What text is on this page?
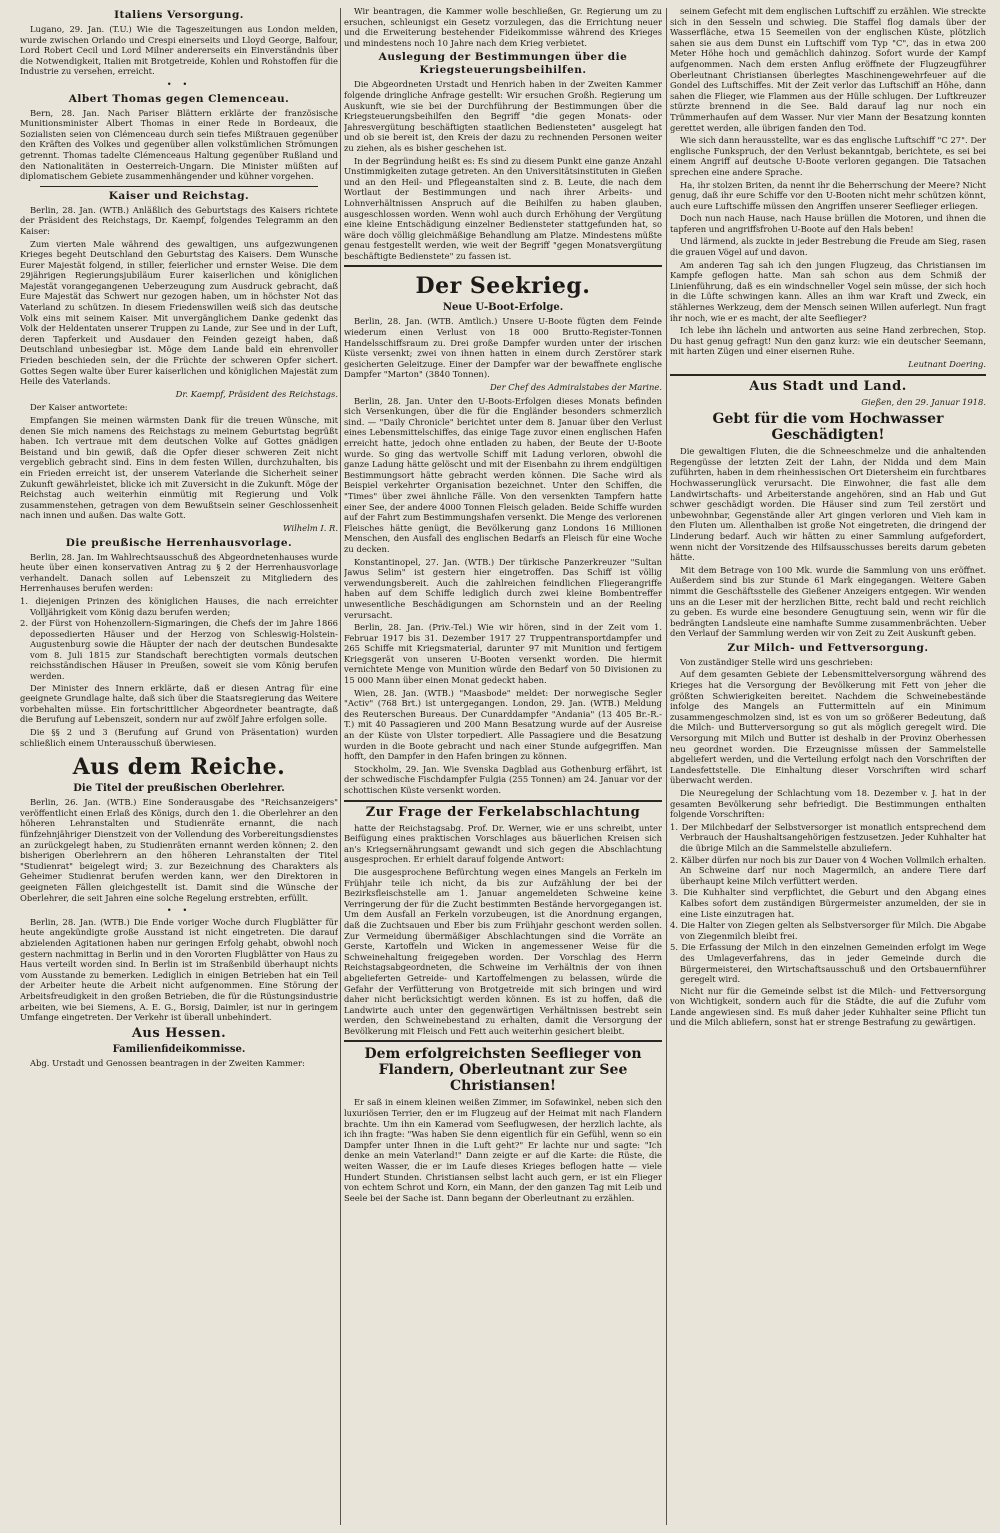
Italiens Versorgung.

Lugano, 29. Jan. (T.U.) Wie die Tageszeitungen aus London melden, wurde zwischen Orlando und Crespi einerseits und Lloyd George, Balfour, Lord Robert Cecil und Lord Milner andererseits ein Einverständnis über die Notwendigkeit, Italien mit Brotgetreide, Kohlen und Rohstoffen für die Industrie zu versehen, erreicht.

• •
Albert Thomas gegen Clemenceau.

Bern, 28. Jan. Nach Pariser Blättern erklärte der französische Munitionsminister Albert Thomas in einer Rede in Bordeaux, die Sozialisten seien von Clémenceau durch sein tiefes Mißtrauen gegenüber den Kräften des Volkes und gegenüber allen volkstümlichen Strömungen getrennt. Thomas tadelte Clémenceaus Haltung gegenüber Rußland und den Nationalitäten in Oesterreich-Ungarn. Die Minister müßten auf diplomatischem Gebiete zusammenhängender und kühner vorgehen.

Kaiser und Reichstag.

Berlin, 28. Jan. (WTB.) Anläßlich des Geburtstags des Kaisers richtete der Präsident des Reichstags, Dr. Kaempf, folgendes Telegramm an den Kaiser:

Zum vierten Male während des gewaltigen, uns aufgezwungenen Krieges begeht Deutschland den Geburtstag des Kaisers. Dem Wunsche Eurer Majestät folgend, in stiller, feierlicher und ernster Weise. Die dem 29jährigen Regierungsjubiläum Eurer kaiserlichen und königlichen Majestät vorangegangenen Ueberzeugung zum Ausdruck gebracht, daß Eure Majestät das Schwert nur gezogen haben, um in höchster Not das Vaterland zu schützen. In diesem Friedenswillen weiß sich das deutsche Volk eins mit seinem Kaiser. Mit unvergänglichem Danke gedenkt das Volk der Heldentaten unserer Truppen zu Lande, zur See und in der Luft, deren Tapferkeit und Ausdauer den Feinden gezeigt haben, daß Deutschland unbesiegbar ist. Möge dem Lande bald ein ehrenvoller Frieden beschieden sein, der die Früchte der schweren Opfer sichert. Gottes Segen walte über Eurer kaiserlichen und königlichen Majestät zum Heile des Vaterlands.

Dr. Kaempf, Präsident des Reichstags.

Der Kaiser antwortete:

Empfangen Sie meinen wärmsten Dank für die treuen Wünsche, mit denen Sie mich namens des Reichstags zu meinem Geburtstag begrüßt haben. Ich vertraue mit dem deutschen Volke auf Gottes gnädigen Beistand und bin gewiß, daß die Opfer dieser schweren Zeit nicht vergeblich gebracht sind. Eins in dem festen Willen, durchzuhalten, bis ein Frieden erreicht ist, der unserem Vaterlande die Sicherheit seiner Zukunft gewährleistet, blicke ich mit Zuversicht in die Zukunft. Möge der Reichstag auch weiterhin einmütig mit Regierung und Volk zusammenstehen, getragen von dem Bewußtsein seiner Geschlossenheit nach innen und außen. Das walte Gott.

Wilhelm I. R.
Die preußische Herrenhausvorlage.

Berlin, 28. Jan. Im Wahlrechtsausschuß des Abgeordnetenhauses wurde heute über einen konservativen Antrag zu § 2 der Herrenhausvorlage verhandelt. Danach sollen auf Lebenszeit zu Mitgliedern des Herrenhauses berufen werden:

1. diejenigen Prinzen des königlichen Hauses, die nach erreichter Volljährigkeit vom König dazu berufen werden;
2. der Fürst von Hohenzollern-Sigmaringen, die Chefs der im Jahre 1866 depossedierten Häuser und der Herzog von Schleswig-Holstein-Augustenburg sowie die Häupter der nach der deutschen Bundesakte vom 8. Juli 1815 zur Standschaft berechtigten vormals deutschen reichsständischen Häuser in Preußen, soweit sie vom König berufen werden.

Der Minister des Innern erklärte, daß er diesen Antrag für eine geeignete Grundlage halte, daß sich über die Staatsregierung das Weitere vorbehalten müsse. Ein fortschrittlicher Abgeordneter beantragte, daß die Berufung auf Lebenszeit, sondern nur auf zwölf Jahre erfolgen solle.

Die §§ 2 und 3 (Berufung auf Grund von Präsentation) wurden schließlich einem Unterausschuß überwiesen.

Aus dem Reiche.
Die Titel der preußischen Oberlehrer.

Berlin, 26. Jan. (WTB.) Eine Sonderausgabe des "Reichsanzeigers" veröffentlicht einen Erlaß des Königs, durch den 1. die Oberlehrer an den höheren Lehranstalten und Studienräte ernannt, die nach fünfzehnjähriger Dienstzeit von der Vollendung des Vorbereitungsdienstes an zurückgelegt haben, zu Studienräten ernannt werden können; 2. den bisherigen Oberlehrern an den höheren Lehranstalten der Titel "Studienrat" beigelegt wird; 3. zur Bezeichnung des Charakters als Geheimer Studienrat berufen werden kann, wer den Direktoren in geeigneten Fällen gleichgestellt ist. Damit sind die Wünsche der Oberlehrer, die seit Jahren eine solche Regelung erstrebten, erfüllt.

• •

Berlin, 28. Jan. (WTB.) Die Ende voriger Woche durch Flugblätter für heute angekündigte große Ausstand ist nicht eingetreten. Die darauf abzielenden Agitationen haben nur geringen Erfolg gehabt, obwohl noch gestern nachmittag in Berlin und in den Vororten Flugblätter von Haus zu Haus verteilt worden sind. In Berlin ist im Straßenbild überhaupt nichts vom Ausstande zu bemerken. Lediglich in einigen Betrieben hat ein Teil der Arbeiter heute die Arbeit nicht aufgenommen. Eine Störung der Arbeitsfreudigkeit in den großen Betrieben, die für die Rüstungsindustrie arbeiten, wie bei Siemens, A. E. G., Borsig, Daimler, ist nur in geringem Umfange eingetreten. Der Verkehr ist überall unbehindert.

Aus Hessen.
Familienfideikommisse.

Abg. Urstadt und Genossen beantragen in der Zweiten Kammer:

Wir beantragen, die Kammer wolle beschließen, Gr. Regierung um zu ersuchen, schleunigst ein Gesetz vorzulegen, das die Errichtung neuer und die Erweiterung bestehender Fideikommisse während des Krieges und mindestens noch 10 Jahre nach dem Krieg verbietet.

Auslegung der Bestimmungen über die Kriegsteuerungsbeihilfen.

Die Abgeordneten Urstadt und Henrich haben in der Zweiten Kammer folgende dringliche Anfrage gestellt: Wir ersuchen Großh. Regierung um Auskunft, wie sie bei der Durchführung der Bestimmungen über die Kriegsteuerungsbeihilfen den Begriff "die gegen Monats- oder Jahresvergütung beschäftigten staatlichen Bediensteten" ausgelegt hat und ob sie bereit ist, den Kreis der dazu zu rechnenden Personen weiter zu ziehen, als es bisher geschehen ist.

In der Begründung heißt es: Es sind zu diesem Punkt eine ganze Anzahl Unstimmigkeiten zutage getreten. An den Universitätsinstituten in Gießen und an den Heil- und Pflegeanstalten sind z. B. Leute, die nach dem Wortlaut der Bestimmungen und nach ihrer Arbeits- und Lohnverhältnissen Anspruch auf die Beihilfen zu haben glauben, ausgeschlossen worden. Wenn wohl auch durch Erhöhung der Vergütung eine kleine Entschädigung einzelner Bediensteter stattgefunden hat, so wäre doch völlig gleichmäßige Behandlung am Platze. Mindestens müßte genau festgestellt werden, wie weit der Begriff "gegen Monatsvergütung beschäftigte Bedienstete" zu fassen ist.

Der Seekrieg.
Neue U-Boot-Erfolge.

Berlin, 28. Jan. (WTB. Amtlich.) Unsere U-Boote fügten dem Feinde wiederum einen Verlust von 18 000 Brutto-Register-Tonnen Handelsschiffsraum zu. Drei große Dampfer wurden unter der irischen Küste versenkt; zwei von ihnen hatten in einem durch Zerstörer stark gesicherten Geleitzuge. Einer der Dampfer war der bewaffnete englische Dampfer "Marton" (3840 Tonnen).

Der Chef des Admiralstabes der Marine.

Berlin, 28. Jan. Unter den U-Boots-Erfolgen dieses Monats befinden sich Versenkungen, über die für die Engländer besonders schmerzlich sind. — "Daily Chronicle" berichtet unter dem 8. Januar über den Verlust eines Lebensmittelschiffes, das einige Tage zuvor einen englischen Hafen erreicht hatte, jedoch ohne entladen zu haben, der Beute der U-Boote wurde. So ging das wertvolle Schiff mit Ladung verloren, obwohl die ganze Ladung hätte gelöscht und mit der Eisenbahn zu ihrem endgültigen Bestimmungsort hätte gebracht werden können. Die Sache wird als Beispiel verkehrter Organisation bezeichnet. Unter den Schiffen, die "Times" über zwei ähnliche Fälle. Von den versenkten Tampfern hatte einer See, der andere 4000 Tonnen Fleisch geladen. Beide Schiffe wurden auf der Fahrt zum Bestimmungshafen versenkt. Die Menge des verlorenen Fleisches hätte genügt, die Bevölkerung ganz Londons 16 Millionen Menschen, den Ausfall des englischen Bedarfs an Fleisch für eine Woche zu decken.

Konstantinopel, 27. Jan. (WTB.) Der türkische Panzerkreuzer "Sultan Jawus Selim" ist gestern hier eingetroffen. Das Schiff ist völlig verwendungsbereit. Auch die zahlreichen feindlichen Fliegerangriffe haben auf dem Schiffe lediglich durch zwei kleine Bombentreffer unwesentliche Beschädigungen am Schornstein und an der Reeling verursacht.

Berlin, 28. Jan. (Priv.-Tel.) Wie wir hören, sind in der Zeit vom 1. Februar 1917 bis 31. Dezember 1917 27 Truppentransportdampfer und 265 Schiffe mit Kriegsmaterial, darunter 97 mit Munition und fertigem Kriegsgerät von unseren U-Booten versenkt worden. Die hiermit vernichtete Menge von Munition würde den Bedarf von 50 Divisionen zu 15 000 Mann über einen Monat gedeckt haben.

Wien, 28. Jan. (WTB.) "Maasbode" meldet: Der norwegische Segler "Activ" (768 Brt.) ist untergegangen. London, 29. Jan. (WTB.) Meldung des Reuterschen Bureaus. Der Cunarddampfer "Andania" (13 405 Br.-R.-T.) mit 40 Passagieren und 200 Mann Besatzung wurde auf der Ausreise an der Küste von Ulster torpediert. Alle Passagiere und die Besatzung wurden in die Boote gebracht und nach einer Stunde aufgegriffen. Man hofft, den Dampfer in den Hafen bringen zu können.

Stockholm, 29. Jan. Wie Svenska Dagblad aus Gothenburg erfährt, ist der schwedische Fischdampfer Fulgia (255 Tonnen) am 24. Januar vor der schottischen Küste versenkt worden.

Zur Frage der Ferkelabschlachtung

hatte der Reichstagsabg. Prof. Dr. Werner, wie er uns schreibt, unter Beifügung eines praktischen Vorschlages aus bäuerlichen Kreisen sich an's Kriegsernährungsamt gewandt und sich gegen die Abschlachtung ausgesprochen. Er erhielt darauf folgende Antwort:

Die ausgesprochene Befürchtung wegen eines Mangels an Ferkeln im Frühjahr teile ich nicht, da bis zur Aufzählung der bei der Bezirksfleischstelle am 1. Januar angemeldeten Schweine keine Verringerung der für die Zucht bestimmten Bestände hervorgegangen ist. Um dem Ausfall an Ferkeln vorzubeugen, ist die Anordnung ergangen, daß die Zuchtsauen und Eber bis zum Frühjahr geschont werden sollen. Zur Vermeidung übermäßiger Abschlachtungen sind die Vorräte an Gerste, Kartoffeln und Wicken in angemessener Weise für die Schweinehaltung freigegeben worden. Der Vorschlag des Herrn Reichstagsabgeordneten, die Schweine im Verhältnis der von ihnen abgelieferten Getreide- und Kartoffelmengen zu belassen, würde die Gefahr der Verfütterung von Brotgetreide mit sich bringen und wird daher nicht berücksichtigt werden können. Es ist zu hoffen, daß die Landwirte auch unter den gegenwärtigen Verhältnissen bestrebt sein werden, den Schweinebestand zu erhalten, damit die Versorgung der Bevölkerung mit Fleisch und Fett auch weiterhin gesichert bleibt.

Dem erfolgreichsten Seeflieger von Flandern, Oberleutnant zur See Christiansen!

Er saß in einem kleinen weißen Zimmer, im Sofawinkel, neben sich den luxuriösen Terrier, den er im Flugzeug auf der Heimat mit nach Flandern brachte. Um ihn ein Kamerad vom Seeflugwesen, der herzlich lachte, als ich ihn fragte: "Was haben Sie denn eigentlich für ein Gefühl, wenn so ein Dampfer unter Ihnen in die Luft geht?" Er lachte nur und sagte: "Ich denke an mein Vaterland!" Dann zeigte er auf die Karte: die Rüste, die weiten Wasser, die er im Laufe dieses Krieges beflogen hatte — viele Hundert Stunden. Christiansen selbst lacht auch gern, er ist ein Flieger von echtem Schrot und Korn, ein Mann, der den ganzen Tag mit Leib und Seele bei der Sache ist. Dann begann der Oberleutnant zu erzählen.

seinem Gefecht mit dem englischen Luftschiff zu erzählen. Wie streckte sich in den Sesseln und schwieg. Die Staffel flog damals über der Wasserfläche, etwa 15 Seemeilen von der englischen Küste, plötzlich sahen sie aus dem Dunst ein Luftschiff vom Typ "C", das in etwa 200 Meter Höhe hoch und gemächlich dahinzog. Sofort wurde der Kampf aufgenommen. Nach dem ersten Anflug eröffnete der Flugzeugführer Oberleutnant Christiansen überlegtes Maschinengewehrfeuer auf die Gondel des Luftschiffes. Mit der Zeit verlor das Luftschiff an Höhe, dann sahen die Flieger, wie Flammen aus der Hülle schlugen. Der Luftkreuzer stürzte brennend in die See. Bald darauf lag nur noch ein Trümmerhaufen auf dem Wasser. Nur vier Mann der Besatzung konnten gerettet werden, alle übrigen fanden den Tod.

Wie sich dann herausstellte, war es das englische Luftschiff "C 27". Der englische Funkspruch, der den Verlust bekanntgab, berichtete, es sei bei einem Angriff auf deutsche U-Boote verloren gegangen. Die Tatsachen sprechen eine andere Sprache.

Ha, ihr stolzen Briten, da nennt ihr die Beherrschung der Meere? Nicht genug, daß ihr eure Schiffe vor den U-Booten nicht mehr schützen könnt, auch eure Luftschiffe müssen den Angriffen unserer Seeflieger erliegen.

Doch nun nach Hause, nach Hause brüllen die Motoren, und ihnen die tapferen und angriffsfrohen U-Boote auf den Hals beben!

Und lärmend, als zuckte in jeder Bestrebung die Freude am Sieg, rasen die grauen Vögel auf und davon.

Am anderen Tag sah ich den jungen Flugzeug, das Christiansen im Kampfe geflogen hatte. Man sah schon aus dem Schmiß der Linienführung, daß es ein windschneller Vogel sein müsse, der sich hoch in die Lüfte schwingen kann. Alles an ihm war Kraft und Zweck, ein stählernes Werkzeug, dem der Mensch seinen Willen auferlegt. Nun fragt ihr noch, wie er es macht, der alte Seeflieger?

Ich lebe ihn lächeln und antworten aus seine Hand zerbrechen, Stop. Du hast genug gefragt! Nun den ganz kurz: wie ein deutscher Seemann, mit harten Zügen und einer eisernen Ruhe.

Leutnant Doering.
Aus Stadt und Land.
Gießen, den 29. Januar 1918.
Gebt für die vom Hochwasser Geschädigten!

Die gewaltigen Fluten, die die Schneeschmelze und die anhaltenden Regengüsse der letzten Zeit der Lahn, der Nidda und dem Main zuführten, haben in dem rheinhessischen Ort Dietersheim ein furchtbares Hochwasserunglück verursacht. Die Einwohner, die fast alle dem Landwirtschafts- und Arbeiterstande angehören, sind an Hab und Gut schwer geschädigt worden. Die Häuser sind zum Teil zerstört und unbewohnbar, Gegenstände aller Art gingen verloren und Vieh kam in den Fluten um. Allenthalben ist große Not eingetreten, die dringend der Linderung bedarf. Auch wir hätten zu einer Sammlung aufgefordert, wenn nicht der Vorsitzende des Hilfsausschusses bereits darum gebeten hätte.

Mit dem Betrage von 100 Mk. wurde die Sammlung von uns eröffnet. Außerdem sind bis zur Stunde 61 Mark eingegangen. Weitere Gaben nimmt die Geschäftsstelle des Gießener Anzeigers entgegen. Wir wenden uns an die Leser mit der herzlichen Bitte, recht bald und recht reichlich zu geben. Es wurde eine besondere Genugtuung sein, wenn wir für die bedrängten Landsleute eine namhafte Summe zusammenbrächten. Ueber den Verlauf der Sammlung werden wir von Zeit zu Zeit Auskunft geben.

Zur Milch- und Fettversorgung.

Von zuständiger Stelle wird uns geschrieben:

Auf dem gesamten Gebiete der Lebensmittelversorgung während des Krieges hat die Versorgung der Bevölkerung mit Fett von jeher die größten Schwierigkeiten bereitet. Nachdem die Schweinebestände infolge des Mangels an Futtermitteln auf ein Minimum zusammengeschmolzen sind, ist es von um so größerer Bedeutung, daß die Milch- und Butterversorgung so gut als möglich geregelt wird. Die Versorgung mit Milch und Butter ist deshalb in der Provinz Oberhessen neu geordnet worden. Die Erzeugnisse müssen der Sammelstelle abgeliefert werden, und die Verteilung erfolgt nach den Vorschriften der Landesfettstelle. Die Einhaltung dieser Vorschriften wird scharf überwacht werden.

Die Neuregelung der Schlachtung vom 18. Dezember v. J. hat in der gesamten Bevölkerung sehr befriedigt. Die Bestimmungen enthalten folgende Vorschriften:

1. Der Milchbedarf der Selbstversorger ist monatlich entsprechend dem Verbrauch der Haushaltsangehörigen festzusetzen. Jeder Kuhhalter hat die übrige Milch an die Sammelstelle abzuliefern.
2. Kälber dürfen nur noch bis zur Dauer von 4 Wochen Vollmilch erhalten. An Schweine darf nur noch Magermilch, an andere Tiere darf überhaupt keine Milch verfüttert werden.
3. Die Kuhhalter sind verpflichtet, die Geburt und den Abgang eines Kalbes sofort dem zuständigen Bürgermeister anzumelden, der sie in eine Liste einzutragen hat.
4. Die Halter von Ziegen gelten als Selbstversorger für Milch. Die Abgabe von Ziegenmilch bleibt frei.
5. Die Erfassung der Milch in den einzelnen Gemeinden erfolgt im Wege des Umlageverfahrens, das in jeder Gemeinde durch die Bürgermeisterei, den Wirtschaftsausschuß und den Ortsbauernführer geregelt wird.

Nicht nur für die Gemeinde selbst ist die Milch- und Fettversorgung von Wichtigkeit, sondern auch für die Städte, die auf die Zufuhr vom Lande angewiesen sind. Es muß daher jeder Kuhhalter seine Pflicht tun und die Milch abliefern, sonst hat er strenge Bestrafung zu gewärtigen.
